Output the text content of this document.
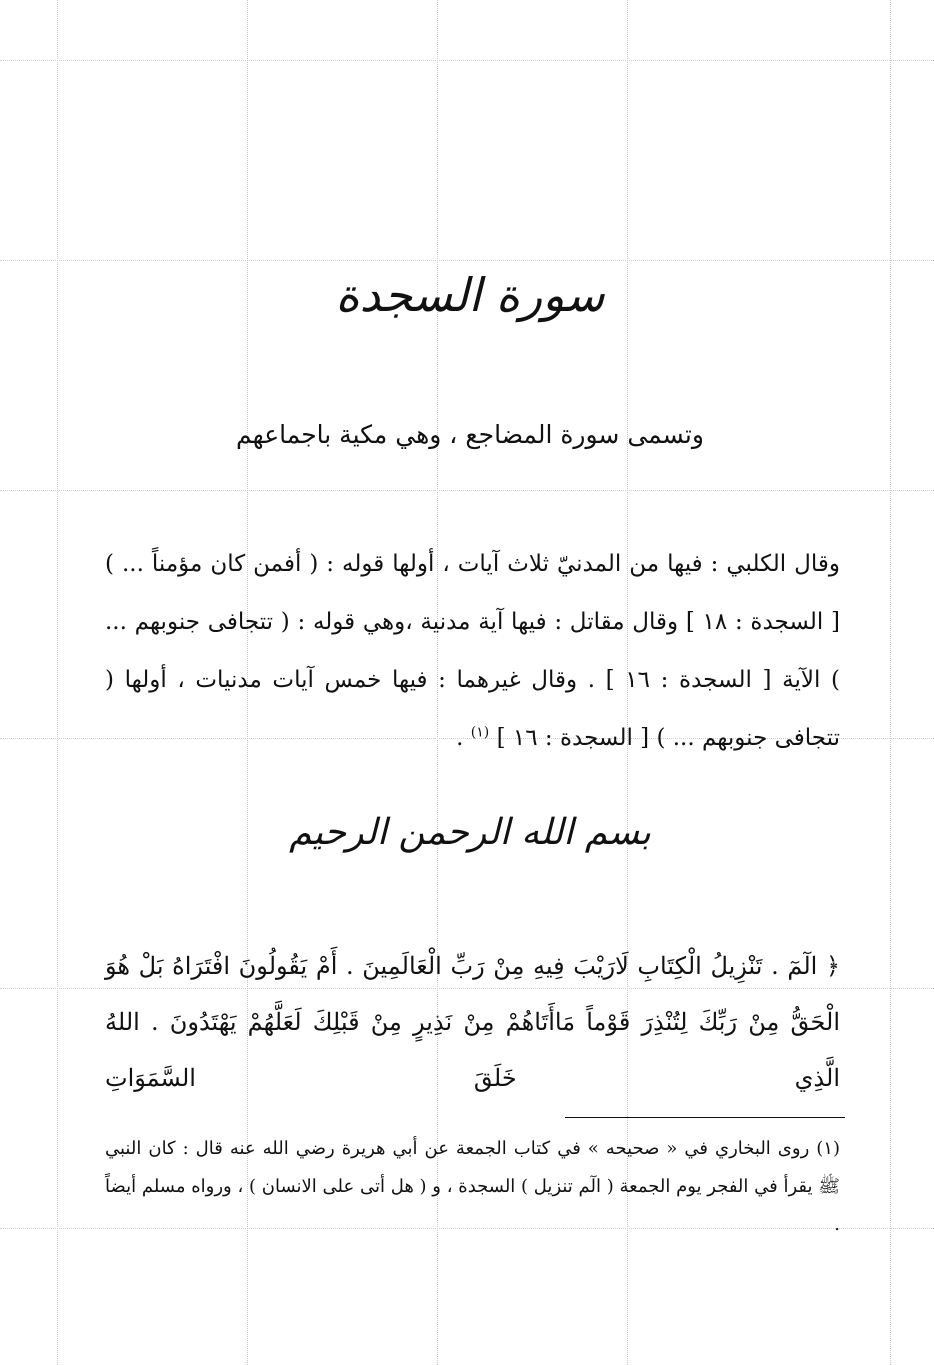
سورة السجدة
وتسمى سورة المضاجع ، وهي مكية باجماعهم
وقال الكلبي : فيها من المدنيّ ثلاث آيات ، أولها قوله : ( أفمن كان مؤمناً ... ) [ السجدة : ١٨ ] وقال مقاتل : فيها آية مدنية ،وهي قوله : ( تتجافى جنوبهم ... ) الآية [ السجدة : ١٦ ] . وقال غيرهما : فيها خمس آيات مدنيات ، أولها ( تتجافى جنوبهم ... ) [ السجدة : ١٦ ] $^{(١)}$ .
بسم الله الرحمن الرحيم
﴿ الٓمٓ . تَنْزِيلُ الْكِتَابِ لَارَيْبَ فِيهِ مِنْ رَبِّ الْعَالَمِينَ . أَمْ يَقُولُونَ افْتَرَاهُ بَلْ هُوَ الْحَقُّ مِنْ رَبِّكَ لِتُنْذِرَ قَوْماً مَاأَتَاهُمْ مِنْ نَذِيرٍ مِنْ قَبْلِكَ لَعَلَّهُمْ يَهْتَدُونَ . اللهُ الَّذِي خَلَقَ السَّمَوَاتِ
(١) روى البخاري في « صحيحه » في كتاب الجمعة عن أبي هريرة رضي الله عنه قال : كان النبي ﷺ يقرأ في الفجر يوم الجمعة ( الٓم تنزيل ) السجدة ، و ( هل أتى على الانسان ) ، ورواه مسلم أيضاً .
